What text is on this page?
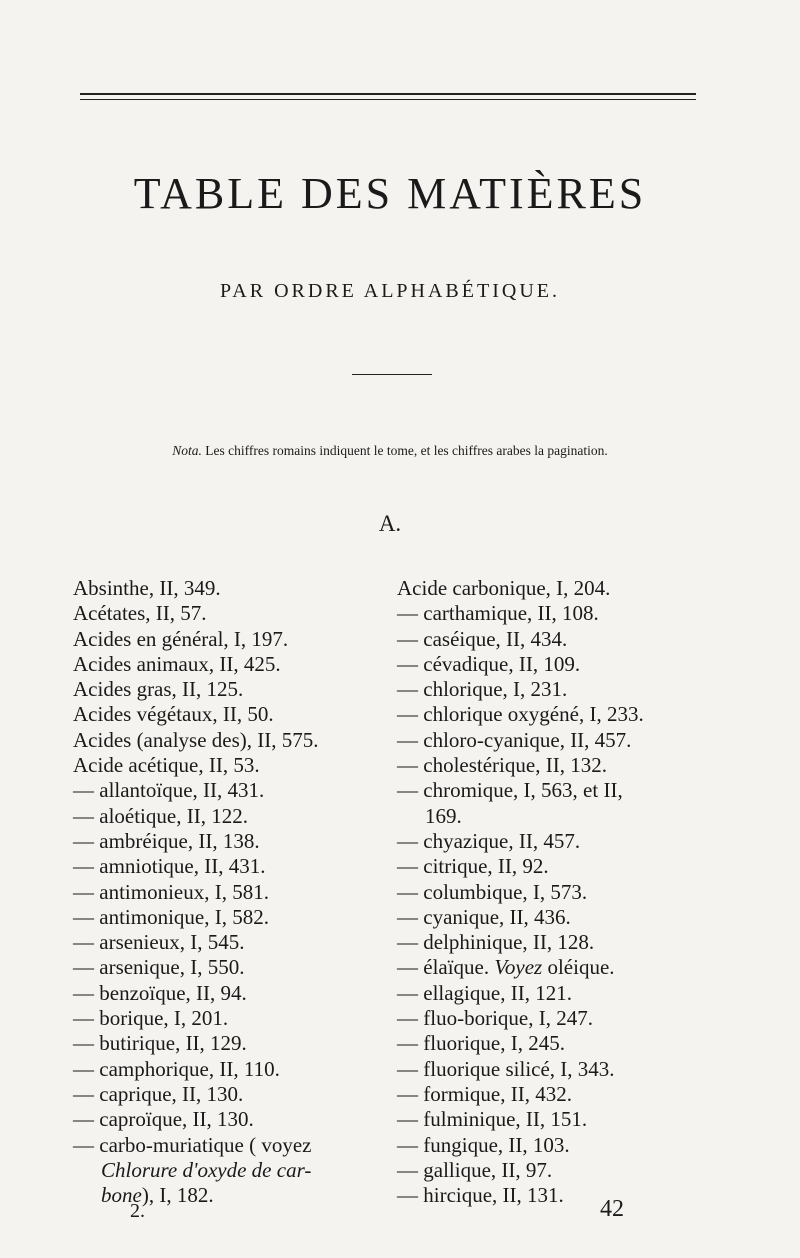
TABLE DES MATIÈRES
PAR ORDRE ALPHABÉTIQUE.
Nota. Les chiffres romains indiquent le tome, et les chiffres arabes la pagination.
A.
Absinthe, II, 349.
Acétates, II, 57.
Acides en général, I, 197.
Acides animaux, II, 425.
Acides gras, II, 125.
Acides végétaux, II, 50.
Acides (analyse des), II, 575.
Acide acétique, II, 53.
— allantoïque, II, 431.
— aloétique, II, 122.
— ambréique, II, 138.
— amniotique, II, 431.
— antimonieux, I, 581.
— antimonique, I, 582.
— arsenieux, I, 545.
— arsenique, I, 550.
— benzoïque, II, 94.
— borique, I, 201.
— butirique, II, 129.
— camphorique, II, 110.
— caprique, II, 130.
— caproïque, II, 130.
— carbo-muriatique ( voyez
Chlorure d'oxyde de car-
bone), I, 182.
Acide carbonique, I, 204.
— carthamique, II, 108.
— caséique, II, 434.
— cévadique, II, 109.
— chlorique, I, 231.
— chlorique oxygéné, I, 233.
— chloro-cyanique, II, 457.
— cholestérique, II, 132.
— chromique, I, 563, et II,
169.
— chyazique, II, 457.
— citrique, II, 92.
— columbique, I, 573.
— cyanique, II, 436.
— delphinique, II, 128.
— élaïque. Voyez oléique.
— ellagique, II, 121.
— fluo-borique, I, 247.
— fluorique, I, 245.
— fluorique silicé, I, 343.
— formique, II, 432.
— fulminique, II, 151.
— fungique, II, 103.
— gallique, II, 97.
— hircique, II, 131.
2.	42
